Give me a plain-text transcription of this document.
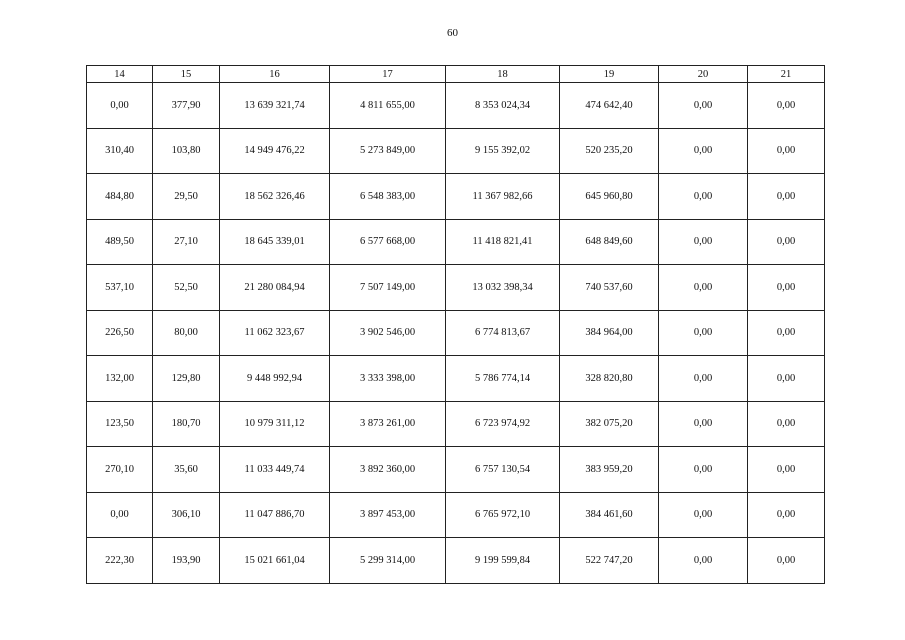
60
14	15	16	17	18	19	20	21
0,00	377,90	13 639 321,74	4 811 655,00	8 353 024,34	474 642,40	0,00	0,00
310,40	103,80	14 949 476,22	5 273 849,00	9 155 392,02	520 235,20	0,00	0,00
484,80	29,50	18 562 326,46	6 548 383,00	11 367 982,66	645 960,80	0,00	0,00
489,50	27,10	18 645 339,01	6 577 668,00	11 418 821,41	648 849,60	0,00	0,00
537,10	52,50	21 280 084,94	7 507 149,00	13 032 398,34	740 537,60	0,00	0,00
226,50	80,00	11 062 323,67	3 902 546,00	6 774 813,67	384 964,00	0,00	0,00
132,00	129,80	9 448 992,94	3 333 398,00	5 786 774,14	328 820,80	0,00	0,00
123,50	180,70	10 979 311,12	3 873 261,00	6 723 974,92	382 075,20	0,00	0,00
270,10	35,60	11 033 449,74	3 892 360,00	6 757 130,54	383 959,20	0,00	0,00
0,00	306,10	11 047 886,70	3 897 453,00	6 765 972,10	384 461,60	0,00	0,00
222,30	193,90	15 021 661,04	5 299 314,00	9 199 599,84	522 747,20	0,00	0,00
